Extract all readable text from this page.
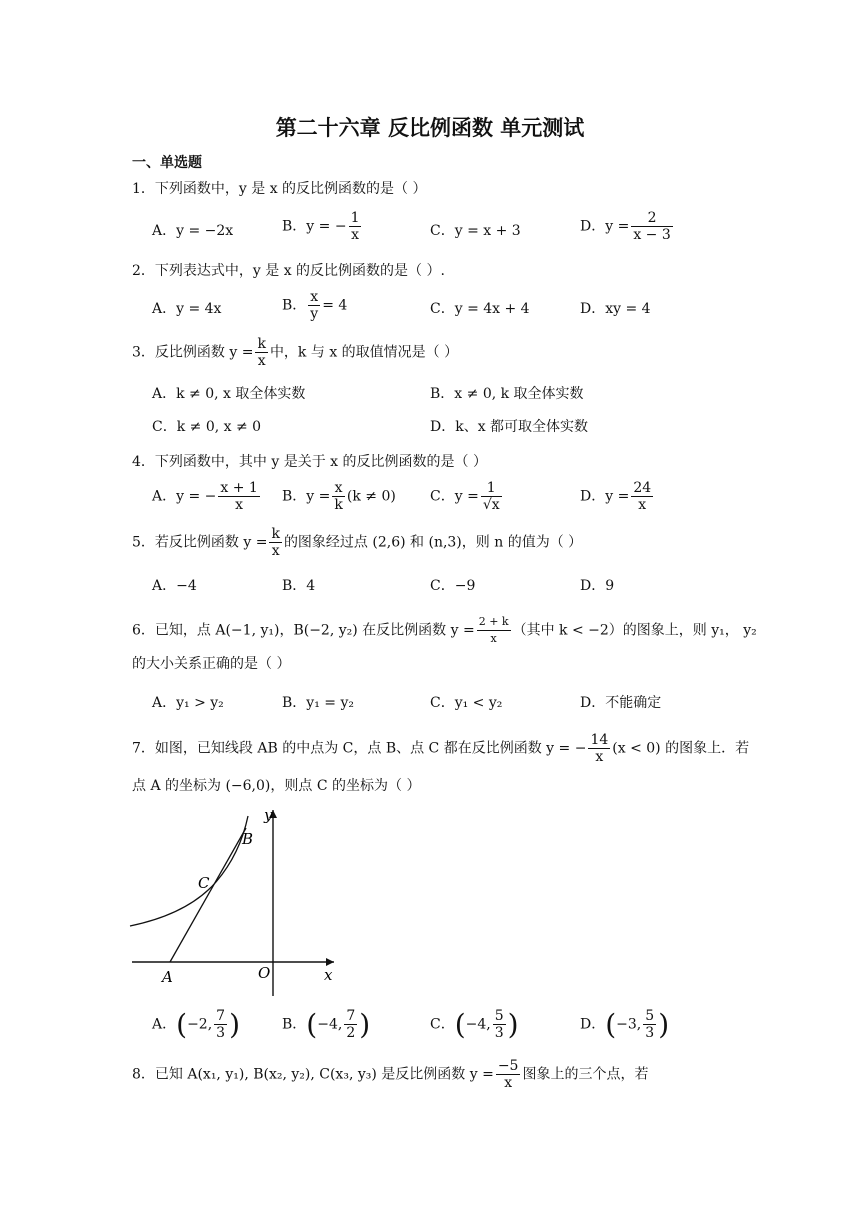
第二十六章 反比例函数 单元测试
一、单选题
1．下列函数中，y 是 x 的反比例函数的是（ ）
A．y = −2x	B．y = − $\frac{1}{x}$	C．y = x + 3	D．$y = \frac{2}{x - 3}$
2．下列表达式中，y 是 x 的反比例函数的是（ ）.
A．y = 4x	B． $\frac{x}{y} = 4$	C．y = 4x + 4	D．xy = 4
3．反比例函数 $y = \frac{k}{x}$ 中，k 与 x 的取值情况是（ ）
A．k ≠ 0, x 取全体实数	B．x ≠ 0, k 取全体实数
C．k ≠ 0, x ≠ 0	D．k、x 都可取全体实数
4．下列函数中，其中 y 是关于 x 的反比例函数的是（ ）
A．y = − $\frac{x + 1}{x}$ B．$y = \frac{x}{k} (k \ne 0)$ C．$y = \frac{1}{√x}$	D．$y = \frac{24}{x}$
5．若反比例函数 $y = \frac{k}{x}$ 的图象经过点 (2,6) 和 (n,3)，则 n 的值为（ ）
A．−4	B．4	C．−9	D．9
6．已知，点 A(−1, y₁)，B(−2, y₂) 在反比例函数 $y = \frac{2 + k}{x}$ （其中 k < −2）的图象上，则 y₁， y₂
的大小关系正确的是（ ）
A．y₁ > y₂	B．y₁ = y₂	C．y₁ < y₂	D．不能确定
7．如图，已知线段 AB 的中点为 C，点 B、点 C 都在反比例函数 y = − $\frac{14}{x} (x < 0)$ 的图象上．若
点 A 的坐标为 (−6,0)，则点 C 的坐标为（ ）
y
x
O
A
B
C
A．(−2, $\frac{7}{3}$ )	B．(−4, $\frac{7}{2}$ )	C．(−4, $\frac{5}{3}$ )	D．(−3, $\frac{5}{3}$ )
8．已知 A(x₁, y₁), B(x₂, y₂), C(x₃, y₃) 是反比例函数 $y = \frac{-5}{x}$ 图象上的三个点，若
